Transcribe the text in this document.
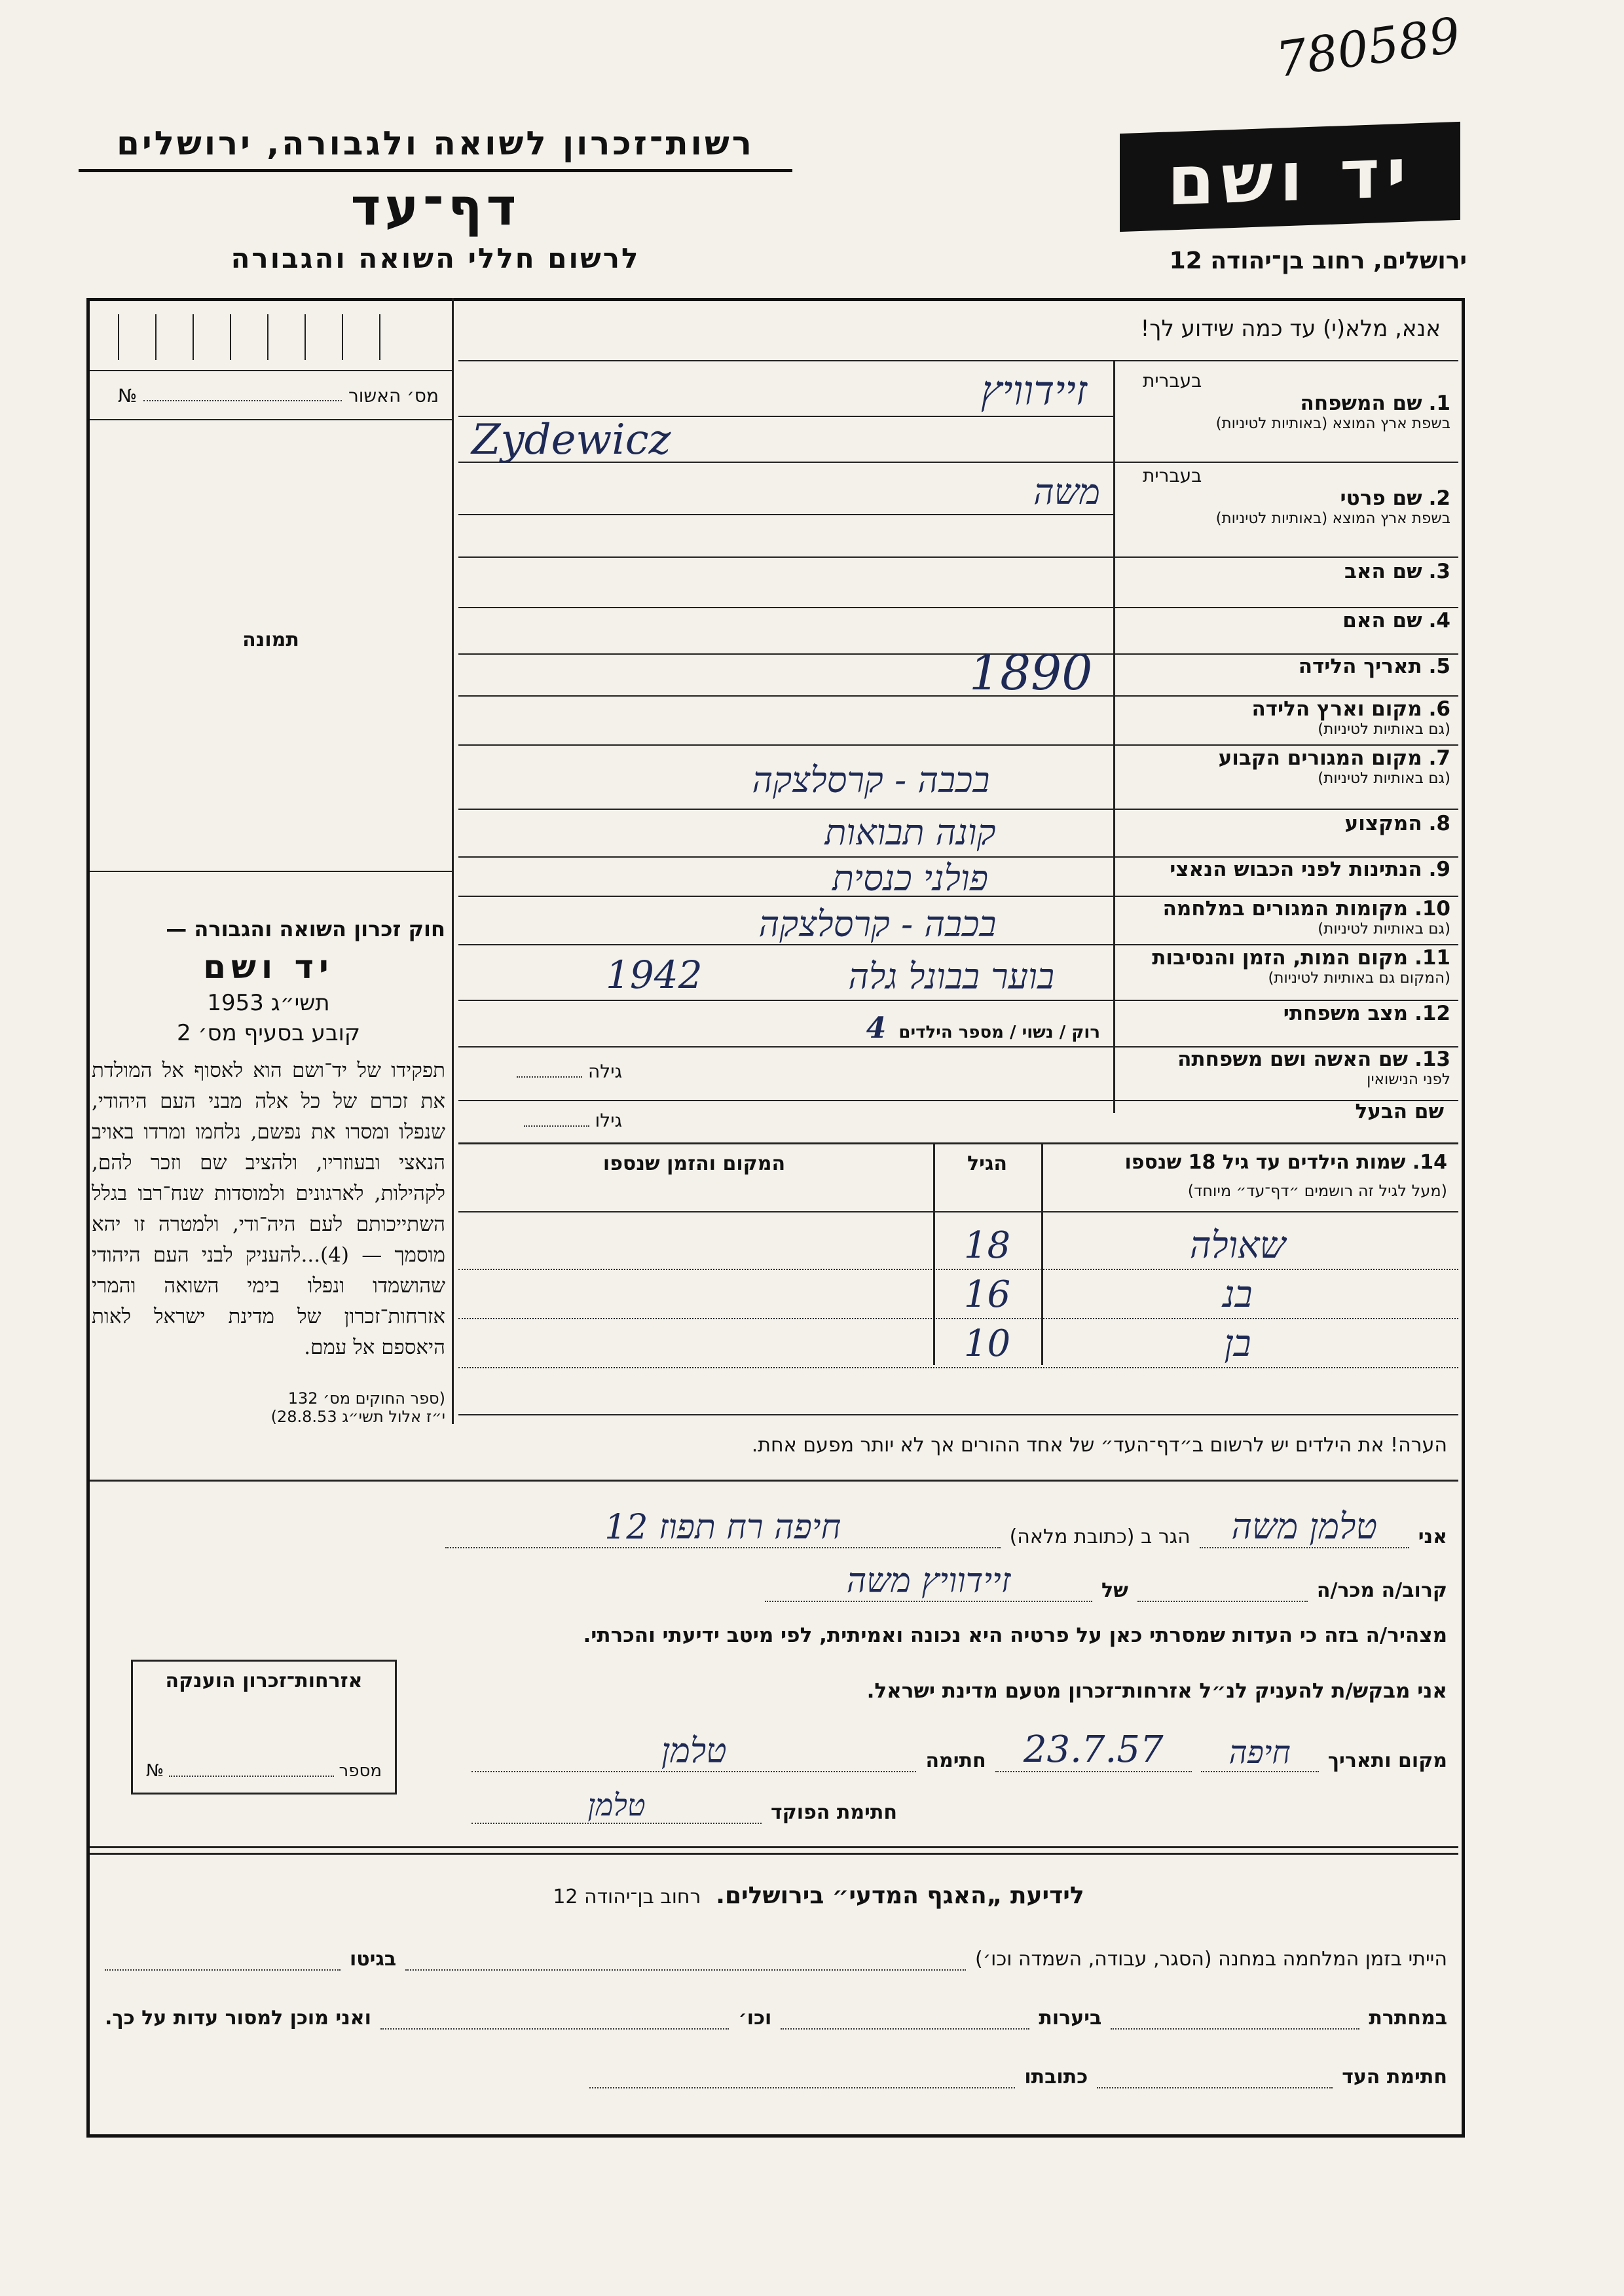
780589
רשות־זכרון לשואה ולגבורה, ירושלים
דף־עד
לרשום חללי השואה והגבורה
יד ושם
ירושלים, רחוב בן־יהודה 12
אנא, מלא(י) עד כמה שידוע לך!
מס׳ האשור
№
תמונה

חוק זכרון השואה והגבורה —

יד ושם

תשי״ג 1953

קובע בסעיף מס׳ 2

תפקידו של יד־ושם הוא לאסוף אל המולדת את זכרם של כל אלה מבני העם היהודי, שנפלו ומסרו את נפשם, נלחמו ומרדו באויב הנאצי ובעוזריו, ולהציב שם וזכר להם, לקהילות, לארגונים ולמוסדות שנח־רבו בגלל השתייכותם לעם היה־ודי, ולמטרה זו יהא מוסמך — (4)...להעניק לבני העם היהודי שהושמדו ונפלו בימי השואה והמרי אזרחות־זכרון של מדינת ישראל לאות היאספם אל עמם.

(ספר החוקים מס׳ 132

י״ז אלול תשי״ג 28.8.53)

בעברית
1.שם המשפחה
בשפת ארץ המוצא (באותיות לטיניות)
בעברית
2.שם פרטי
בשפת ארץ המוצא (באותיות לטיניות)
3.שם האב
4.שם האם
5.תאריך הלידה
6.מקום וארץ הלידה
(גם באותיות לטיניות)
7.מקום המגורים הקבוע
(גם באותיות לטיניות)
8.המקצוע
9.הנתינות לפני הכבוש הנאצי
10.מקומות המגורים במלחמה
(גם באותיות לטיניות)
11.מקום המות, הזמן והנסיבות
(המקום גם באותיות לטיניות)
12.מצב משפחתי
13.שם האשה ושם משפחתה
לפני הנישואין
שם הבעל
זיידוויץ
Zydewicz
משה
1890
בכבה - קרסלצקה
קונה תבואות
פולני כנסית
בכבה - קרסלצקה
בוער בבונל גלה
1942
רוק / נשוי / מספר הילדים 4
גילה
גילו
14. שמות הילדים עד גיל 18 שנספו
(מעל לגיל זה רושמים ״דף־עד״ מיוחד)
הגיל
המקום והזמן שנספו
שאולה
18
בנ
16
בן
10
הערה! את הילדים יש לרשום ב״דף־העד״ של אחד ההורים אך לא יותר מפעם אחת.
אני
טלמן משה
הגר ב (כתובת מלאה)
חיפה רח תפוז 12
קרוב/ה מכר/ה
של
זיידוויץ משה
מצהיר/ה בזה כי העדות שמסרתי כאן על פרטיה היא נכונה ואמיתית, לפי מיטב ידיעתי והכרתי.
אני מבקש/ת להעניק לנ״ל אזרחות־זכרון מטעם מדינת ישראל.
מקום ותאריך
חיפה
23.7.57
חתימה
טלמן
חתימת הפוקד
טלמן
אזרחות־זכרון הוענקה
מספר
№
לידיעת „האגף המדעי״ בירושלים. רחוב בן־יהודה 12
הייתי בזמן המלחמה במחנה (הסגר, עבודה, השמדה וכו׳)
בגיטו
במחתרת
ביערות
וכו׳
ואני מוכן למסור עדות על כך.
חתימת העד
כתובתו
